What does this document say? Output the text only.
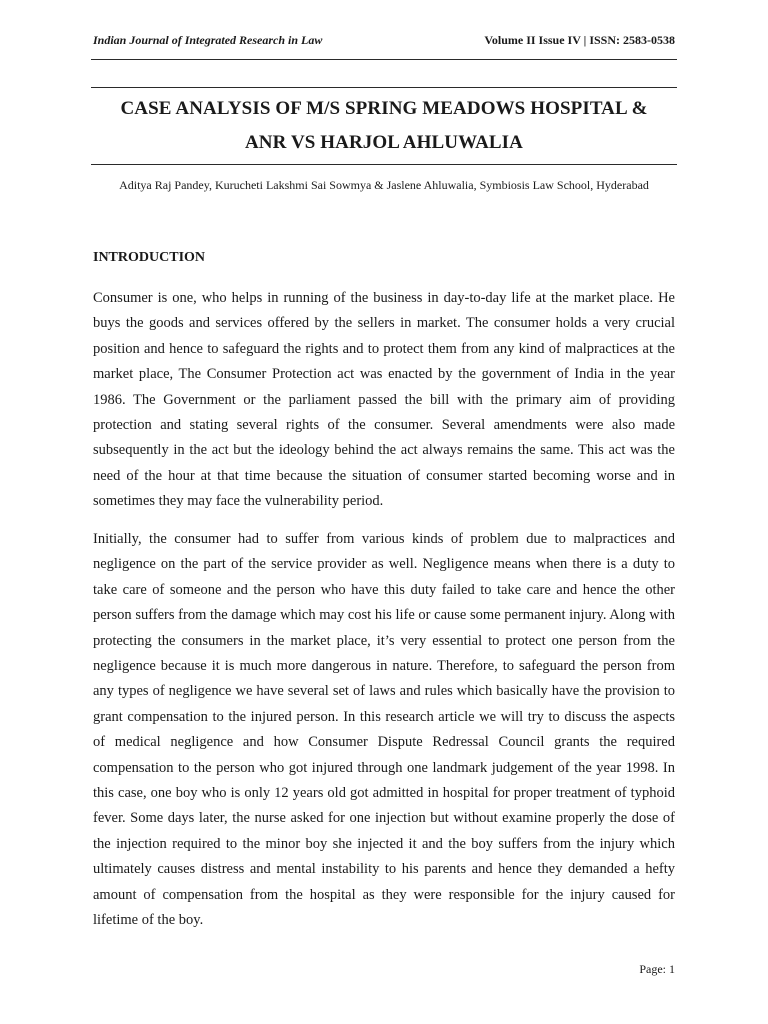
Indian Journal of Integrated Research in Law	Volume II Issue IV | ISSN: 2583-0538
CASE ANALYSIS OF M/S SPRING MEADOWS HOSPITAL &
ANR VS HARJOL AHLUWALIA
Aditya Raj Pandey, Kurucheti Lakshmi Sai Sowmya & Jaslene Ahluwalia, Symbiosis Law School, Hyderabad
INTRODUCTION

Consumer is one, who helps in running of the business in day-to-day life at the market place. He buys the goods and services offered by the sellers in market. The consumer holds a very crucial position and hence to safeguard the rights and to protect them from any kind of malpractices at the market place, The Consumer Protection act was enacted by the government of India in the year 1986. The Government or the parliament passed the bill with the primary aim of providing protection and stating several rights of the consumer. Several amendments were also made subsequently in the act but the ideology behind the act always remains the same. This act was the need of the hour at that time because the situation of consumer started becoming worse and in sometimes they may face the vulnerability period.

Initially, the consumer had to suffer from various kinds of problem due to malpractices and negligence on the part of the service provider as well. Negligence means when there is a duty to take care of someone and the person who have this duty failed to take care and hence the other person suffers from the damage which may cost his life or cause some permanent injury. Along with protecting the consumers in the market place, it’s very essential to protect one person from the negligence because it is much more dangerous in nature. Therefore, to safeguard the person from any types of negligence we have several set of laws and rules which basically have the provision to grant compensation to the injured person. In this research article we will try to discuss the aspects of medical negligence and how Consumer Dispute Redressal Council grants the required compensation to the person who got injured through one landmark judgement of the year 1998. In this case, one boy who is only 12 years old got admitted in hospital for proper treatment of typhoid fever. Some days later, the nurse asked for one injection but without examine properly the dose of the injection required to the minor boy she injected it and the boy suffers from the injury which ultimately causes distress and mental instability to his parents and hence they demanded a hefty amount of compensation from the hospital as they were responsible for the injury caused for lifetime of the boy.

Page: 1
